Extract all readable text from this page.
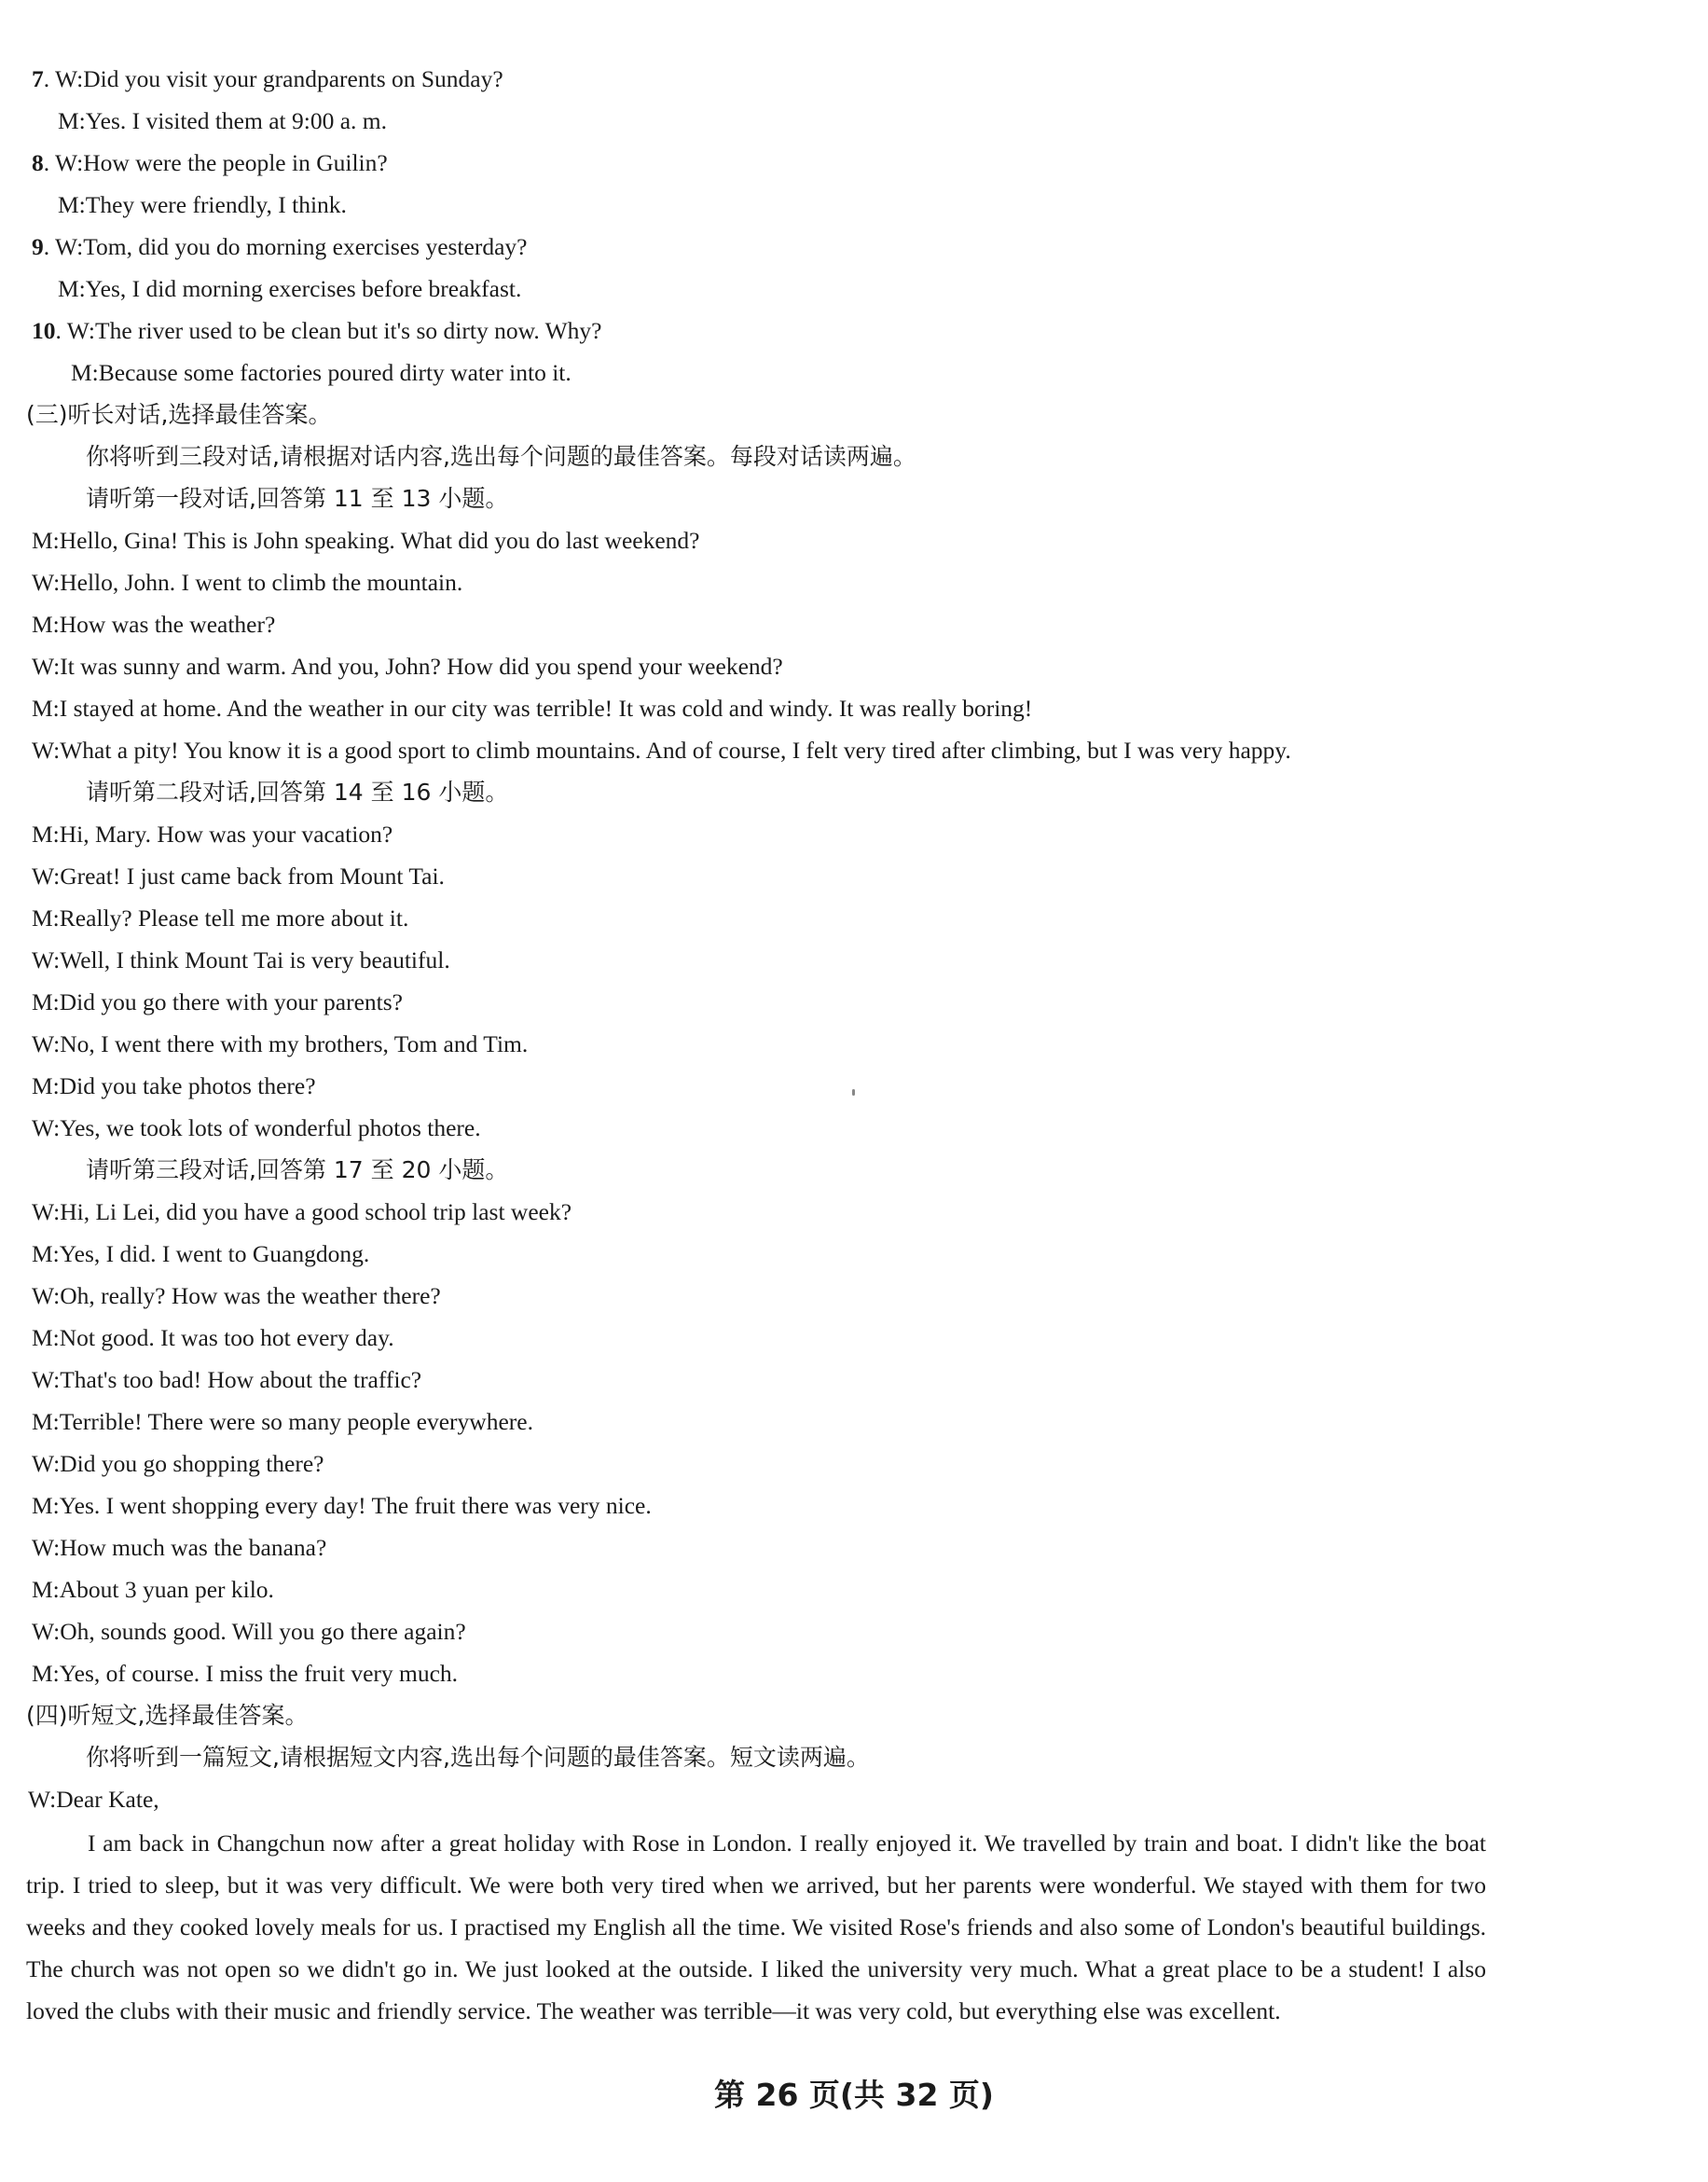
7. W:Did you visit your grandparents on Sunday?
M:Yes. I visited them at 9:00 a. m.
8. W:How were the people in Guilin?
M:They were friendly, I think.
9. W:Tom, did you do morning exercises yesterday?
M:Yes, I did morning exercises before breakfast.
10. W:The river used to be clean but it's so dirty now. Why?
M:Because some factories poured dirty water into it.
(三)听长对话,选择最佳答案。
你将听到三段对话,请根据对话内容,选出每个问题的最佳答案。每段对话读两遍。
请听第一段对话,回答第 11 至 13 小题。
M:Hello, Gina! This is John speaking. What did you do last weekend?
W:Hello, John. I went to climb the mountain.
M:How was the weather?
W:It was sunny and warm. And you, John? How did you spend your weekend?
M:I stayed at home. And the weather in our city was terrible! It was cold and windy. It was really boring!
W:What a pity! You know it is a good sport to climb mountains. And of course, I felt very tired after climbing, but I was very happy.
请听第二段对话,回答第 14 至 16 小题。
M:Hi, Mary. How was your vacation?
W:Great! I just came back from Mount Tai.
M:Really? Please tell me more about it.
W:Well, I think Mount Tai is very beautiful.
M:Did you go there with your parents?
W:No, I went there with my brothers, Tom and Tim.
M:Did you take photos there?
W:Yes, we took lots of wonderful photos there.
请听第三段对话,回答第 17 至 20 小题。
W:Hi, Li Lei, did you have a good school trip last week?
M:Yes, I did. I went to Guangdong.
W:Oh, really? How was the weather there?
M:Not good. It was too hot every day.
W:That's too bad! How about the traffic?
M:Terrible! There were so many people everywhere.
W:Did you go shopping there?
M:Yes. I went shopping every day! The fruit there was very nice.
W:How much was the banana?
M:About 3 yuan per kilo.
W:Oh, sounds good. Will you go there again?
M:Yes, of course. I miss the fruit very much.
(四)听短文,选择最佳答案。
你将听到一篇短文,请根据短文内容,选出每个问题的最佳答案。短文读两遍。
W:Dear Kate,
I am back in Changchun now after a great holiday with Rose in London. I really enjoyed it. We travelled by train and boat. I didn't like the boat trip. I tried to sleep, but it was very difficult. We were both very tired when we arrived, but her parents were wonderful. We stayed with them for two weeks and they cooked lovely meals for us. I practised my English all the time. We visited Rose's friends and also some of London's beautiful buildings. The church was not open so we didn't go in. We just looked at the outside. I liked the university very much. What a great place to be a student! I also loved the clubs with their music and friendly service. The weather was terrible—it was very cold, but everything else was excellent.
第 26 页(共 32 页)
